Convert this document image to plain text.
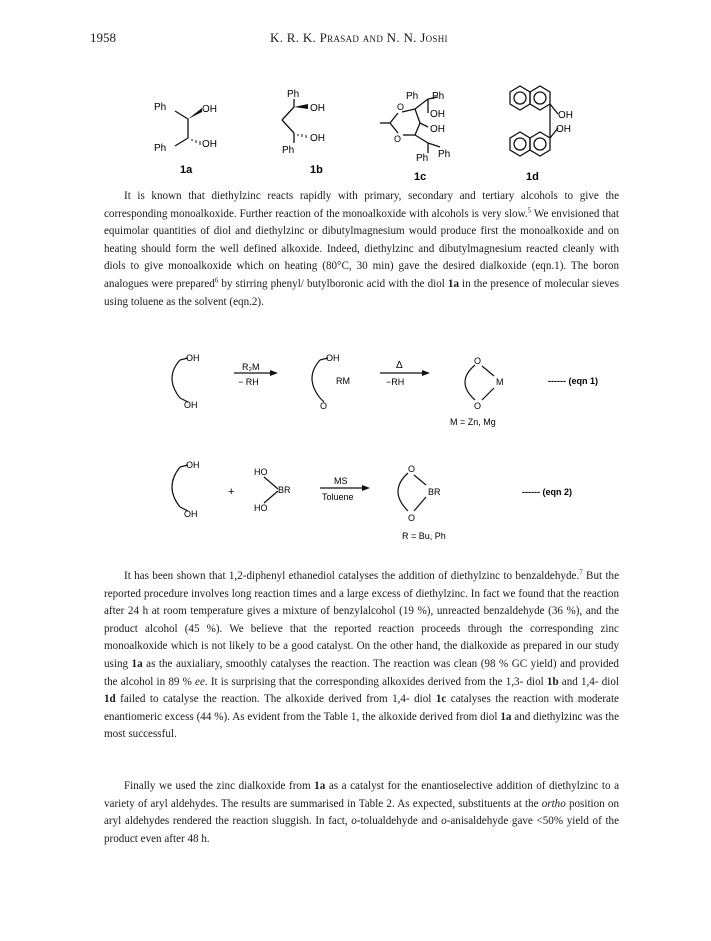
1958	K. R. K. Prasad and N. N. Joshi
Ph	OH
Ph	OH
1a
Ph
OH
OH
Ph
1b
O
O
Ph Ph
OH
OH
Ph Ph
1c
OH
OH
1d

It is known that diethylzinc reacts rapidly with primary, secondary and tertiary alcohols to give the corresponding monoalkoxide. Further reaction of the monoalkoxide with alcohols is very slow.$^5$ We envisioned that equimolar quantities of diol and diethylzinc or dibutylmagnesium would produce first the monoalkoxide and on heating should form the well defined alkoxide. Indeed, diethylzinc and dibutylmagnesium reacted cleanly with diols to give monoalkoxide which on heating (80°C, 30 min) gave the desired dialkoxide (eqn.1). The boron analogues were prepared$^6$ by stirring phenyl/ butylboronic acid with the diol 1a in the presence of molecular sieves using toluene as the solvent (eqn.2).

OH
OH
R₂M
− RH
OH
RM
O
Δ
−RH
O
O
M	------ (eqn 1)
M = Zn, Mg
OH
OH
+
HO
BR
HO
MS
Toluene
O
O
BR	------ (eqn 2)
R = Bu, Ph

It has been shown that 1,2-diphenyl ethanediol catalyses the addition of diethylzinc to benzaldehyde.$^7$ But the reported procedure involves long reaction times and a large excess of diethylzinc. In fact we found that the reaction after 24 h at room temperature gives a mixture of benzylalcohol (19 %), unreacted benzaldehyde (36 %), and the product alcohol (45 %). We believe that the reported reaction proceeds through the corresponding zinc monoalkoxide which is not likely to be a good catalyst. On the other hand, the dialkoxide as prepared in our study using 1a as the auxialiary, smoothly catalyses the reaction. The reaction was clean (98 % GC yield) and provided the alcohol in 89 % ee. It is surprising that the corresponding alkoxides derived from the 1,3- diol 1b and 1,4- diol 1d failed to catalyse the reaction. The alkoxide derived from 1,4- diol 1c catalyses the reaction with moderate enantiomeric excess (44 %). As evident from the Table 1, the alkoxide derived from diol 1a and diethylzinc was the most successful.

Finally we used the zinc dialkoxide from 1a as a catalyst for the enantioselective addition of diethylzinc to a variety of aryl aldehydes. The results are summarised in Table 2. As expected, substituents at the ortho position on aryl aldehydes rendered the reaction sluggish. In fact, o-tolualdehyde and o-anisaldehyde gave <50% yield of the product even after 48 h.
